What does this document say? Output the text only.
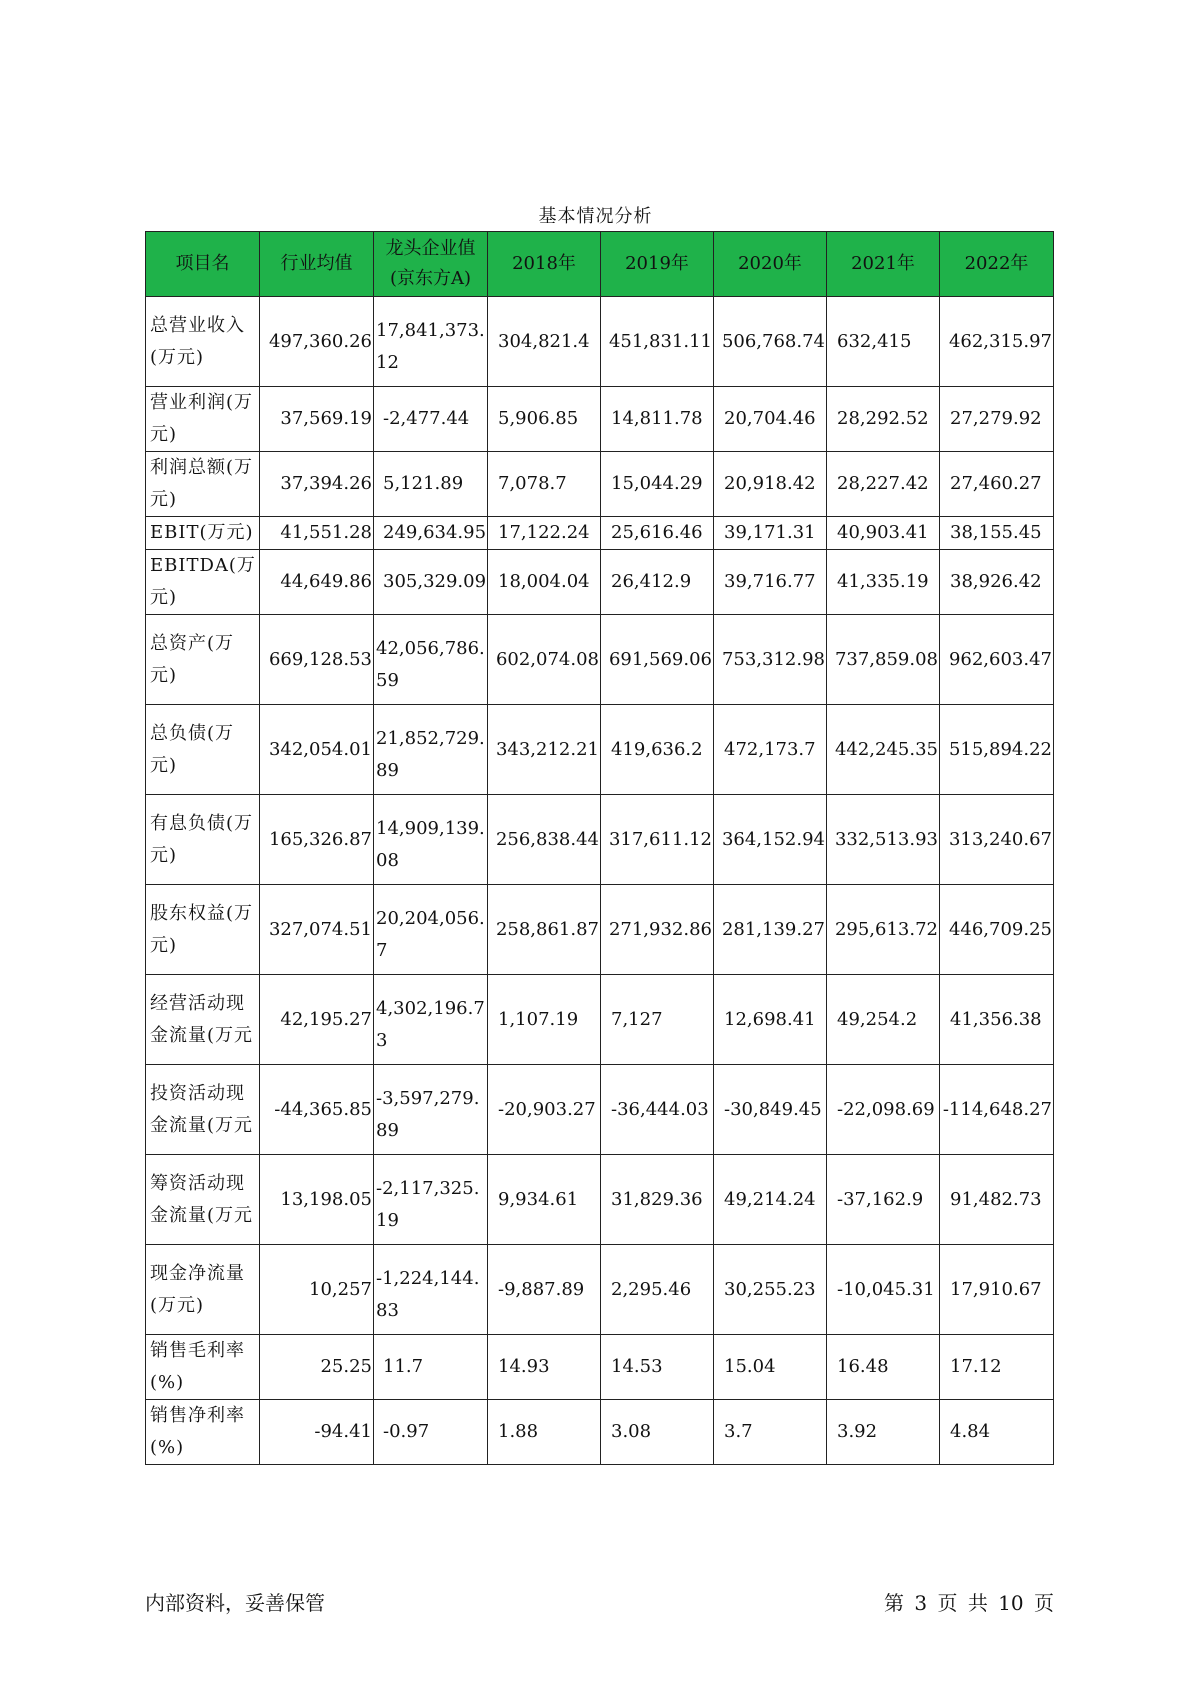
基本情况分析
项目名	行业均值	龙头企业值(京东方A)	2018年	2019年	2020年	2021年	2022年
总营业收入(万元)	497,360.26	17,841,373.12	304,821.4	451,831.11	506,768.74	632,415	462,315.97
营业利润(万元)	37,569.19	-2,477.44	5,906.85	14,811.78	20,704.46	28,292.52	27,279.92
利润总额(万元)	37,394.26	5,121.89	7,078.7	15,044.29	20,918.42	28,227.42	27,460.27
EBIT(万元)	41,551.28	249,634.95	17,122.24	25,616.46	39,171.31	40,903.41	38,155.45
EBITDA(万元)	44,649.86	305,329.09	18,004.04	26,412.9	39,716.77	41,335.19	38,926.42
总资产(万元)	669,128.53	42,056,786.59	602,074.08	691,569.06	753,312.98	737,859.08	962,603.47
总负债(万元)	342,054.01	21,852,729.89	343,212.21	419,636.2	472,173.7	442,245.35	515,894.22
有息负债(万元)	165,326.87	14,909,139.08	256,838.44	317,611.12	364,152.94	332,513.93	313,240.67
股东权益(万元)	327,074.51	20,204,056.7	258,861.87	271,932.86	281,139.27	295,613.72	446,709.25
经营活动现金流量(万元	42,195.27	4,302,196.73	1,107.19	7,127	12,698.41	49,254.2	41,356.38
投资活动现金流量(万元	-44,365.85	-3,597,279.89	-20,903.27	-36,444.03	-30,849.45	-22,098.69	-114,648.27
筹资活动现金流量(万元	13,198.05	-2,117,325.19	9,934.61	31,829.36	49,214.24	-37,162.9	91,482.73
现金净流量(万元)	10,257	-1,224,144.83	-9,887.89	2,295.46	30,255.23	-10,045.31	17,910.67
销售毛利率(%)	25.25	11.7	14.93	14.53	15.04	16.48	17.12
销售净利率(%)	-94.41	-0.97	1.88	3.08	3.7	3.92	4.84
内部资料，妥善保管	第 3 页 共 10 页
